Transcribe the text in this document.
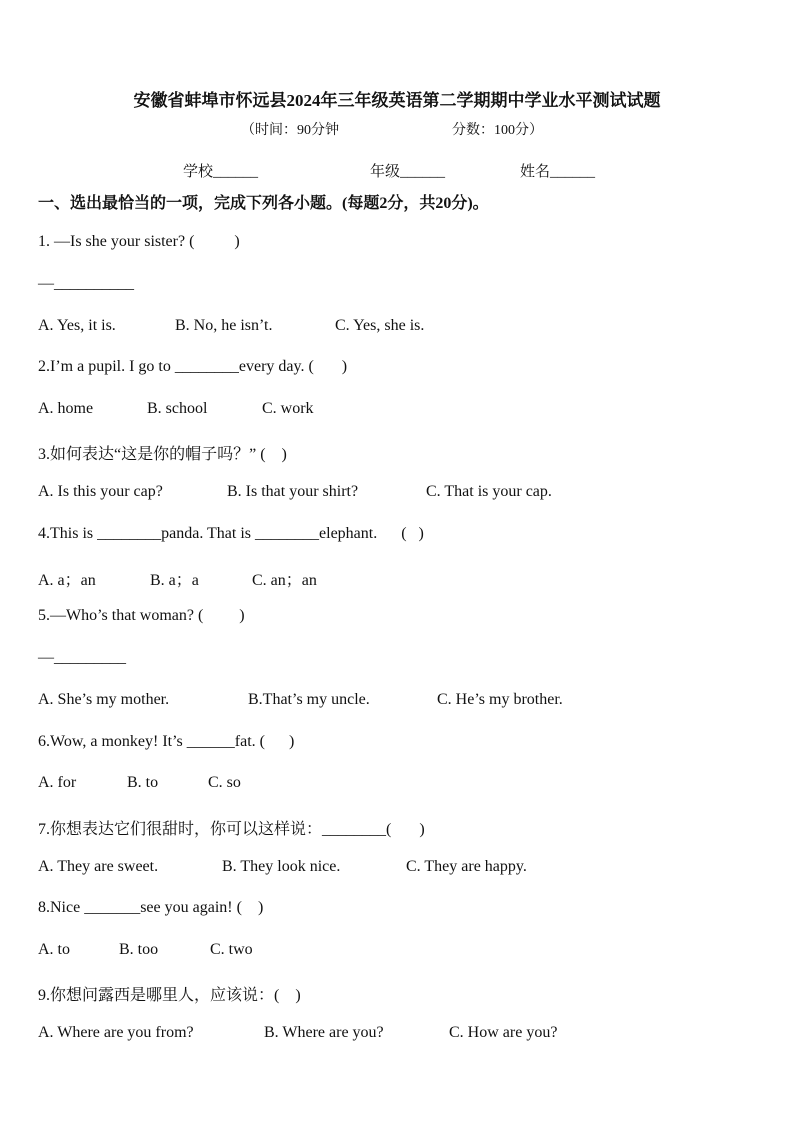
安徽省蚌埠市怀远县2024年三年级英语第二学期期中学业水平测试试题
（时间：90分钟	分数：100分）
学校______	年级______	姓名______
一、选出最恰当的一项，完成下列各小题。(每题2分，共20分)。
1. —Is she your sister? (          )
—__________
A. Yes, it is.	B. No, he isn’t.	C. Yes, she is.
2.I’m a pupil. I go to ________every day. (       )
A. home	B. school	C. work
3.如何表达“这是你的帽子吗？” (    )
A. Is this your cap?	B. Is that your shirt?	C. That is your cap.
4.This is ________panda. That is ________elephant.      (   )
A. a；an	B. a；a	C. an；an
5.—Who’s that woman? (         )
—_________
A. She’s my mother.	B.That’s my uncle.	C. He’s my brother.
6.Wow, a monkey! It’s ______fat. (      )
A. for	B. to	C. so
7.你想表达它们很甜时，你可以这样说：________(       )
A. They are sweet.	B. They look nice.	C. They are happy.
8.Nice _______see you again! (    )
A. to	B. too	C. two
9.你想问露西是哪里人，应该说：(    )
A. Where are you from?	B. Where are you?	C. How are you?
